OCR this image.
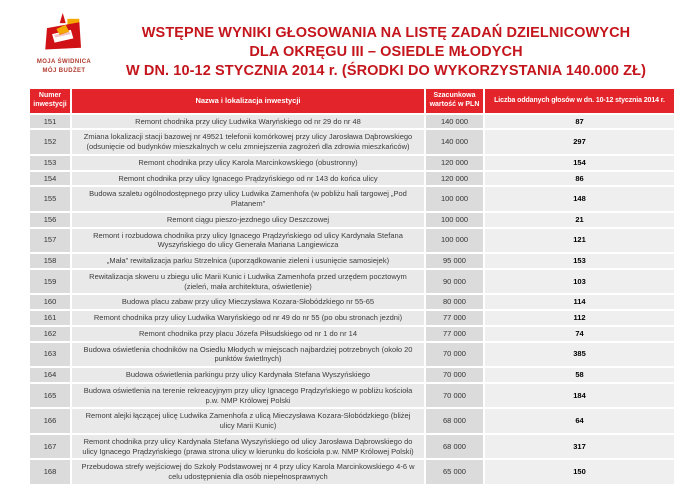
MOJA ŚWIDNICA
MÓJ BUDŻET
WSTĘPNE WYNIKI GŁOSOWANIA NA LISTĘ ZADAŃ DZIELNICOWYCH
DLA OKRĘGU III – OSIEDLE MŁODYCH
W DN. 10-12 STYCZNIA 2014 r. (ŚRODKI DO WYKORZYSTANIA 140.000 ZŁ)
Numer inwestycji	Nazwa i lokalizacja inwestycji	Szacunkowa wartość w PLN	Liczba oddanych głosów w dn. 10-12 stycznia 2014 r.
151	Remont chodnika przy ulicy Ludwika Waryńskiego od nr 29 do nr 48	140 000	87
152	Zmiana lokalizacji stacji bazowej nr 49521 telefonii komórkowej przy ulicy Jarosława Dąbrowskiego (odsunięcie od budynków mieszkalnych w celu zmniejszenia zagrożeń dla zdrowia mieszkańców)	140 000	297
153	Remont chodnika przy ulicy Karola Marcinkowskiego (obustronny)	120 000	154
154	Remont chodnika przy ulicy Ignacego Prądzyńskiego od nr 143 do końca ulicy	120 000	86
155	Budowa szaletu ogólnodostępnego przy ulicy Ludwika Zamenhofa (w pobliżu hali targowej „Pod Platanem”	100 000	148
156	Remont ciągu pieszo-jezdnego ulicy Deszczowej	100 000	21
157	Remont i rozbudowa chodnika przy ulicy Ignacego Prądzyńskiego od ulicy Kardynała Stefana Wyszyńskiego do ulicy Generała Mariana Langiewicza	100 000	121
158	„Mała” rewitalizacja parku Strzelnica (uporządkowanie zieleni i usunięcie samosiejek)	95 000	153
159	Rewitalizacja skweru u zbiegu ulic Marii Kunic i Ludwika Zamenhofa przed urzędem pocztowym (zieleń, mała architektura, oświetlenie)	90 000	103
160	Budowa placu zabaw przy ulicy Mieczysława Kozara-Słobódzkiego nr 55-65	80 000	114
161	Remont chodnika przy ulicy Ludwika Waryńskiego od nr 49 do nr 55 (po obu stronach jezdni)	77 000	112
162	Remont chodnika przy placu Józefa Piłsudskiego od nr 1 do nr 14	77 000	74
163	Budowa oświetlenia chodników na Osiedlu Młodych w miejscach najbardziej potrzebnych (około 20 punktów świetlnych)	70 000	385
164	Budowa oświetlenia parkingu przy ulicy Kardynała Stefana Wyszyńskiego	70 000	58
165	Budowa oświetlenia na terenie rekreacyjnym przy ulicy Ignacego Prądzyńskiego w pobliżu kościoła p.w. NMP Królowej Polski	70 000	184
166	Remont alejki łączącej ulicę Ludwika Zamenhofa z ulicą Mieczysława Kozara-Słobódzkiego (bliżej ulicy Marii Kunic)	68 000	64
167	Remont chodnika przy ulicy Kardynała Stefana Wyszyńskiego od ulicy Jarosława Dąbrowskiego do ulicy Ignacego Prądzyńskiego (prawa strona ulicy w kierunku do kościoła p.w. NMP Królowej Polski)	68 000	317
168	Przebudowa strefy wejściowej do Szkoły Podstawowej nr 4 przy ulicy Karola Marcinkowskiego 4-6 w celu udostępnienia dla osób niepełnosprawnych	65 000	150
